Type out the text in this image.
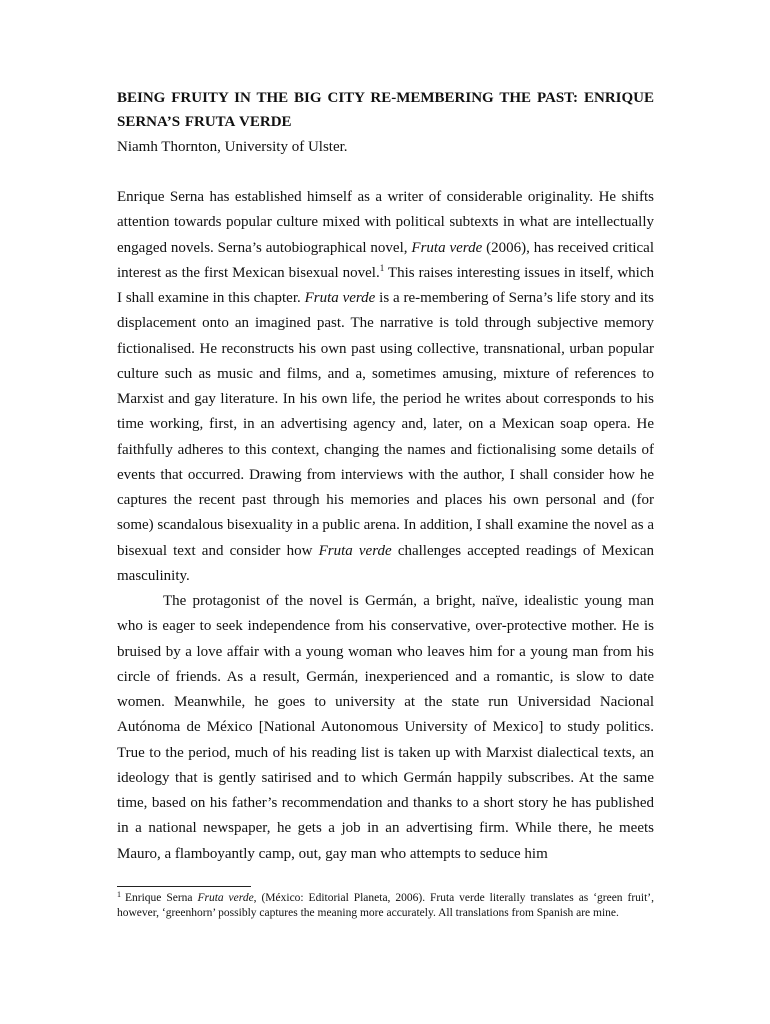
BEING FRUITY IN THE BIG CITY RE-MEMBERING THE PAST: ENRIQUE SERNA’S FRUTA VERDE
Niamh Thornton, University of Ulster.

Enrique Serna has established himself as a writer of considerable originality. He shifts attention towards popular culture mixed with political subtexts in what are intellectually engaged novels. Serna’s autobiographical novel, Fruta verde (2006), has received critical interest as the first Mexican bisexual novel.$^1$ This raises interesting issues in itself, which I shall examine in this chapter. Fruta verde is a re-membering of Serna’s life story and its displacement onto an imagined past. The narrative is told through subjective memory fictionalised. He reconstructs his own past using collective, transnational, urban popular culture such as music and films, and a, sometimes amusing, mixture of references to Marxist and gay literature. In his own life, the period he writes about corresponds to his time working, first, in an advertising agency and, later, on a Mexican soap opera. He faithfully adheres to this context, changing the names and fictionalising some details of events that occurred. Drawing from interviews with the author, I shall consider how he captures the recent past through his memories and places his own personal and (for some) scandalous bisexuality in a public arena. In addition, I shall examine the novel as a bisexual text and consider how Fruta verde challenges accepted readings of Mexican masculinity.

The protagonist of the novel is Germán, a bright, naïve, idealistic young man who is eager to seek independence from his conservative, over-protective mother. He is bruised by a love affair with a young woman who leaves him for a young man from his circle of friends. As a result, Germán, inexperienced and a romantic, is slow to date women. Meanwhile, he goes to university at the state run Universidad Nacional Autónoma de México [National Autonomous University of Mexico] to study politics. True to the period, much of his reading list is taken up with Marxist dialectical texts, an ideology that is gently satirised and to which Germán happily subscribes. At the same time, based on his father’s recommendation and thanks to a short story he has published in a national newspaper, he gets a job in an advertising firm. While there, he meets Mauro, a flamboyantly camp, out, gay man who attempts to seduce him

$^1$ Enrique Serna Fruta verde, (México: Editorial Planeta, 2006). Fruta verde literally translates as ‘green fruit’, however, ‘greenhorn’ possibly captures the meaning more accurately. All translations from Spanish are mine.
